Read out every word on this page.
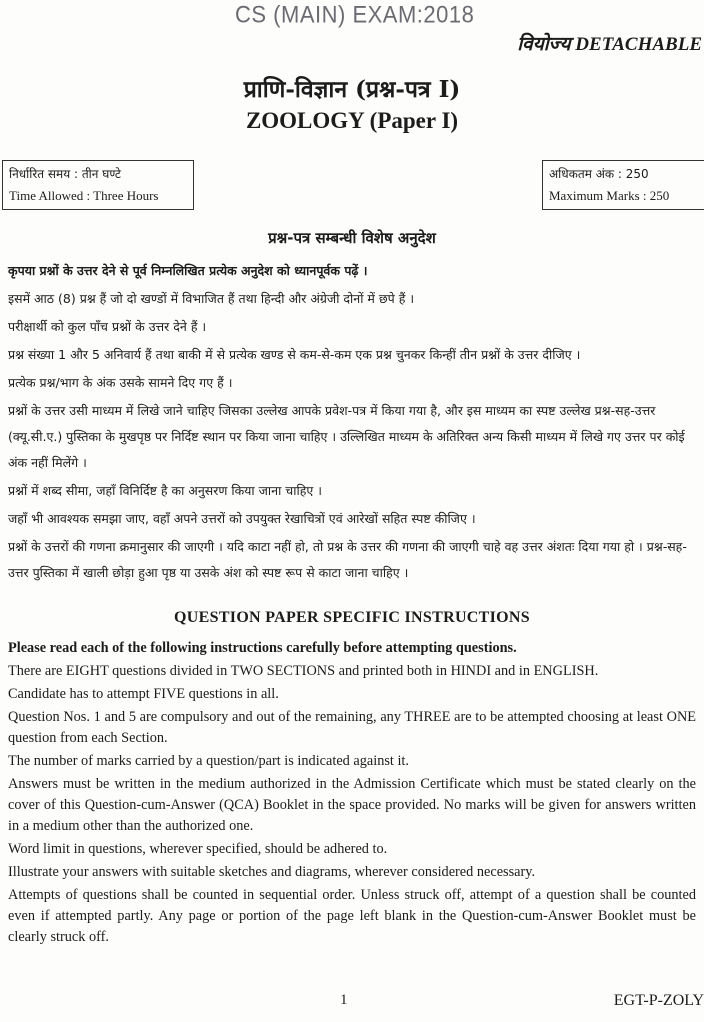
CS (MAIN) EXAM:2018
वियोज्य DETACHABLE
प्राणि-विज्ञान (प्रश्न-पत्र I)
ZOOLOGY (Paper I)
निर्धारित समय : तीन घण्टे
Time Allowed : Three Hours
अधिकतम अंक : 250
Maximum Marks : 250
प्रश्न-पत्र सम्बन्धी विशेष अनुदेश

कृपया प्रश्नों के उत्तर देने से पूर्व निम्नलिखित प्रत्येक अनुदेश को ध्यानपूर्वक पढ़ें ।

इसमें आठ (8) प्रश्न हैं जो दो खण्डों में विभाजित हैं तथा हिन्दी और अंग्रेजी दोनों में छपे हैं ।

परीक्षार्थी को कुल पाँच प्रश्नों के उत्तर देने हैं ।

प्रश्न संख्या 1 और 5 अनिवार्य हैं तथा बाकी में से प्रत्येक खण्ड से कम-से-कम एक प्रश्न चुनकर किन्हीं तीन प्रश्नों के उत्तर दीजिए ।

प्रत्येक प्रश्न/भाग के अंक उसके सामने दिए गए हैं ।

प्रश्नों के उत्तर उसी माध्यम में लिखे जाने चाहिए जिसका उल्लेख आपके प्रवेश-पत्र में किया गया है, और इस माध्यम का स्पष्ट उल्लेख प्रश्न-सह-उत्तर (क्यू.सी.ए.) पुस्तिका के मुखपृष्ठ पर निर्दिष्ट स्थान पर किया जाना चाहिए । उल्लिखित माध्यम के अतिरिक्त अन्य किसी माध्यम में लिखे गए उत्तर पर कोई अंक नहीं मिलेंगे ।

प्रश्नों में शब्द सीमा, जहाँ विनिर्दिष्ट है का अनुसरण किया जाना चाहिए ।

जहाँ भी आवश्यक समझा जाए, वहाँ अपने उत्तरों को उपयुक्त रेखाचित्रों एवं आरेखों सहित स्पष्ट कीजिए ।

प्रश्नों के उत्तरों की गणना क्रमानुसार की जाएगी । यदि काटा नहीं हो, तो प्रश्न के उत्तर की गणना की जाएगी चाहे वह उत्तर अंशतः दिया गया हो । प्रश्न-सह-उत्तर पुस्तिका में खाली छोड़ा हुआ पृष्ठ या उसके अंश को स्पष्ट रूप से काटा जाना चाहिए ।

QUESTION PAPER SPECIFIC INSTRUCTIONS

Please read each of the following instructions carefully before attempting questions.

There are EIGHT questions divided in TWO SECTIONS and printed both in HINDI and in ENGLISH.

Candidate has to attempt FIVE questions in all.

Question Nos. 1 and 5 are compulsory and out of the remaining, any THREE are to be attempted choosing at least ONE question from each Section.

The number of marks carried by a question/part is indicated against it.

Answers must be written in the medium authorized in the Admission Certificate which must be stated clearly on the cover of this Question-cum-Answer (QCA) Booklet in the space provided. No marks will be given for answers written in a medium other than the authorized one.

Word limit in questions, wherever specified, should be adhered to.

Illustrate your answers with suitable sketches and diagrams, wherever considered necessary.

Attempts of questions shall be counted in sequential order. Unless struck off, attempt of a question shall be counted even if attempted partly. Any page or portion of the page left blank in the Question-cum-Answer Booklet must be clearly struck off.

1	EGT-P-ZOLY
